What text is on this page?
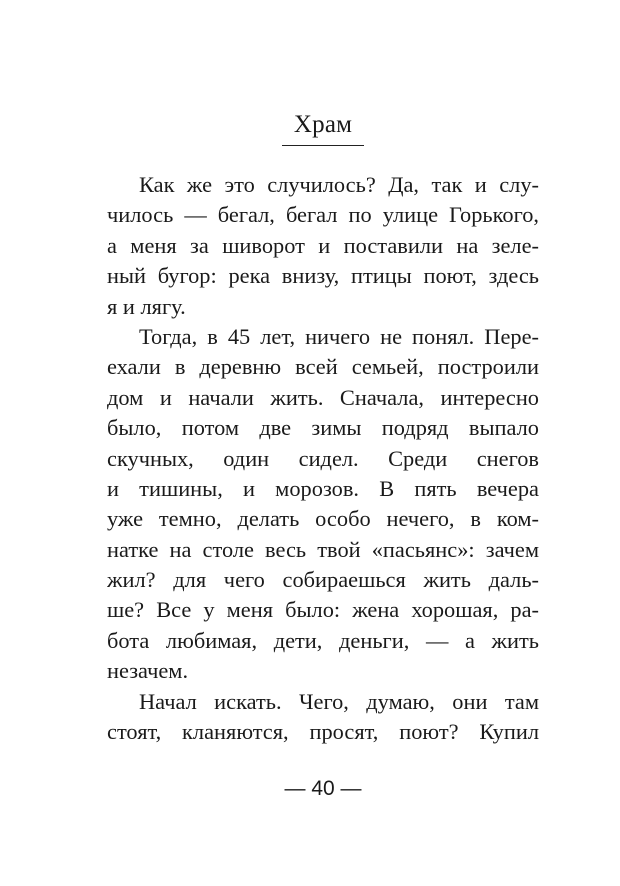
Храм
Как же это случилось? Да, так и слу-
чилось — бегал, бегал по улице Горького,
а меня за шиворот и поставили на зеле-
ный бугор: река внизу, птицы поют, здесь
я и лягу.
Тогда, в 45 лет, ничего не понял. Пере-
ехали в деревню всей семьей, построили
дом и начали жить. Сначала, интересно
было, потом две зимы подряд выпало
скучных, один сидел. Среди снегов
и тишины, и морозов. В пять вечера
уже темно, делать особо нечего, в ком-
натке на столе весь твой «пасьянс»: зачем
жил? для чего собираешься жить даль-
ше? Все у меня было: жена хорошая, ра-
бота любимая, дети, деньги, — а жить
незачем.
Начал искать. Чего, думаю, они там
стоят, кланяются, просят, поют? Купил
— 40 —
